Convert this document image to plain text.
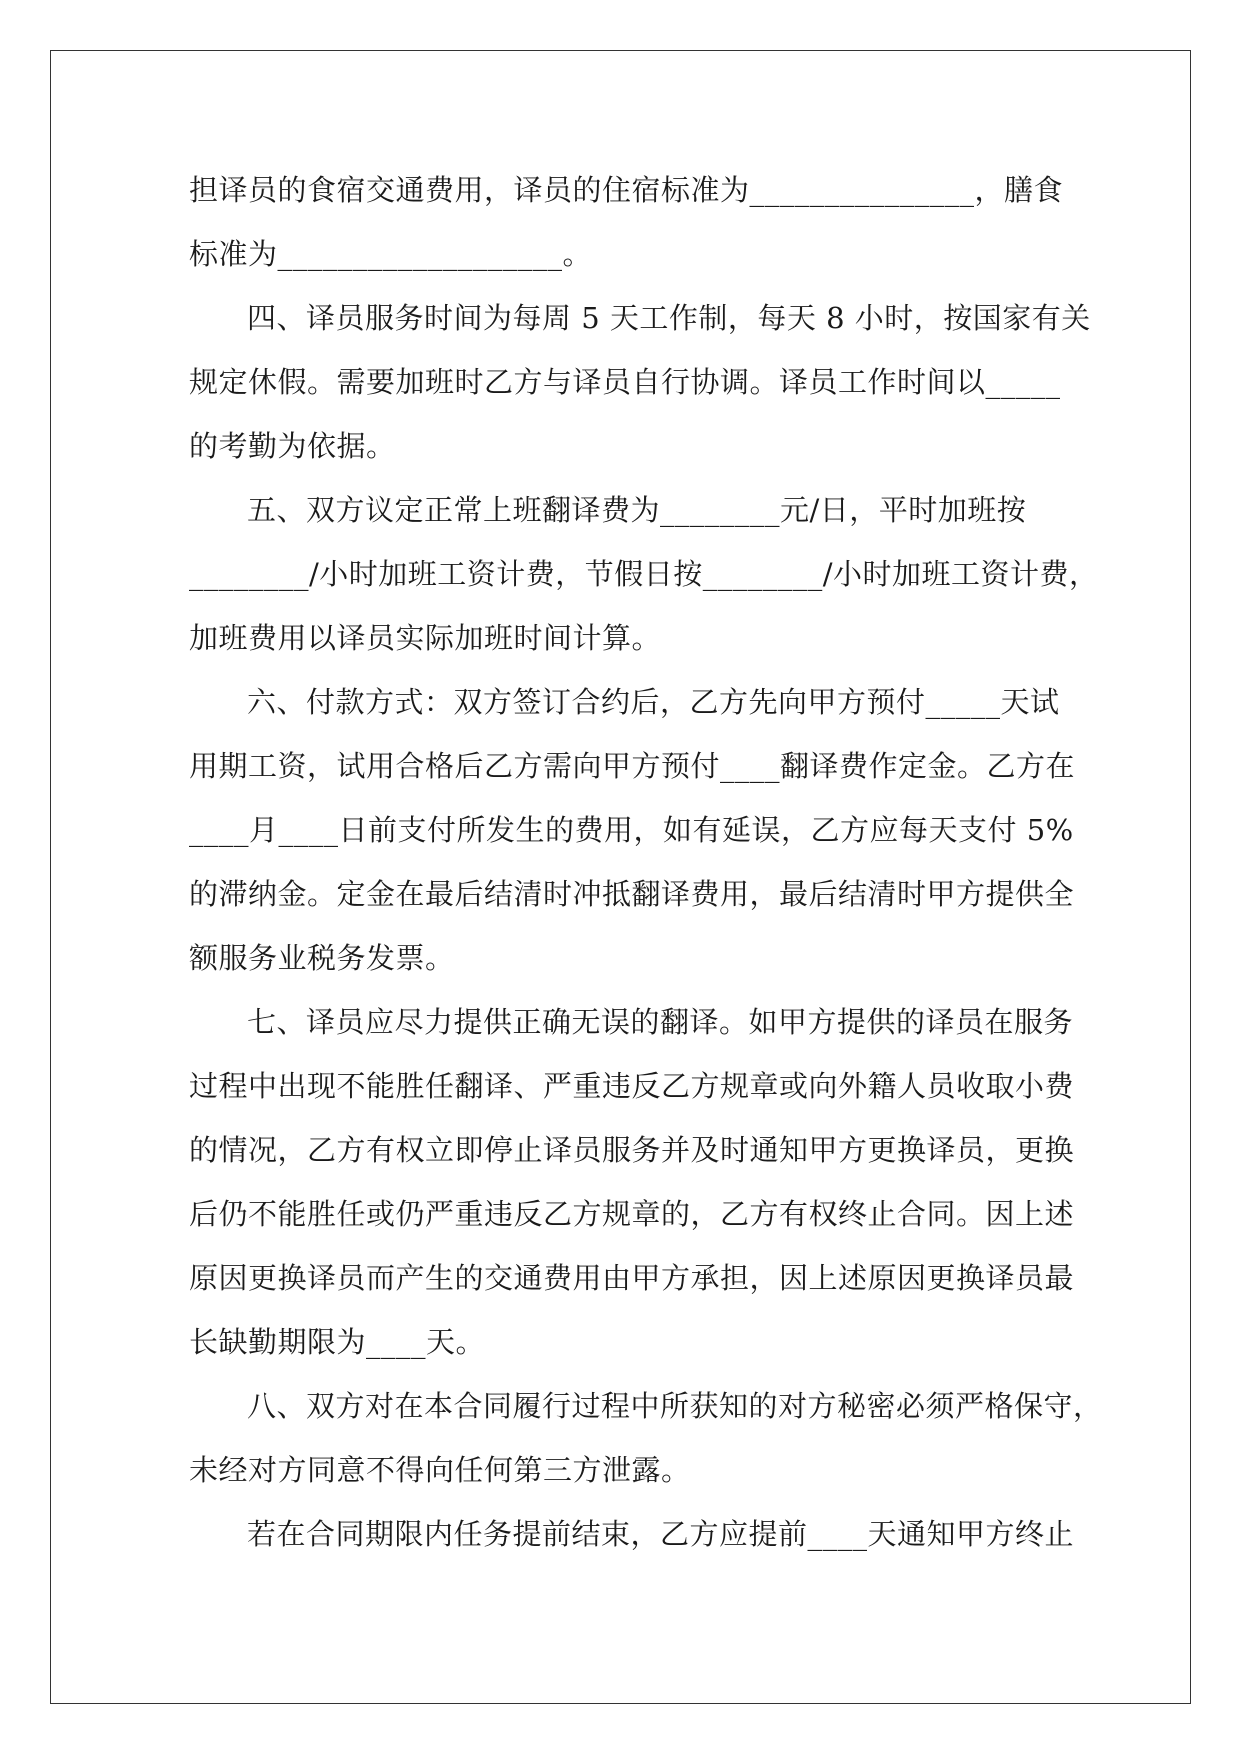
担译员的食宿交通费用，译员的住宿标准为_______________，膳食
标准为___________________。
四、译员服务时间为每周 5 天工作制，每天 8 小时，按国家有关
规定休假。需要加班时乙方与译员自行协调。译员工作时间以_____
的考勤为依据。
五、双方议定正常上班翻译费为________元/日，平时加班按
________/小时加班工资计费，节假日按________/小时加班工资计费，
加班费用以译员实际加班时间计算。
六、付款方式：双方签订合约后，乙方先向甲方预付_____天试
用期工资，试用合格后乙方需向甲方预付____翻译费作定金。乙方在
____月____日前支付所发生的费用，如有延误，乙方应每天支付 5%
的滞纳金。定金在最后结清时冲抵翻译费用，最后结清时甲方提供全
额服务业税务发票。
七、译员应尽力提供正确无误的翻译。如甲方提供的译员在服务
过程中出现不能胜任翻译、严重违反乙方规章或向外籍人员收取小费
的情况，乙方有权立即停止译员服务并及时通知甲方更换译员，更换
后仍不能胜任或仍严重违反乙方规章的，乙方有权终止合同。因上述
原因更换译员而产生的交通费用由甲方承担，因上述原因更换译员最
长缺勤期限为____天。
八、双方对在本合同履行过程中所获知的对方秘密必须严格保守，
未经对方同意不得向任何第三方泄露。
若在合同期限内任务提前结束，乙方应提前____天通知甲方终止
